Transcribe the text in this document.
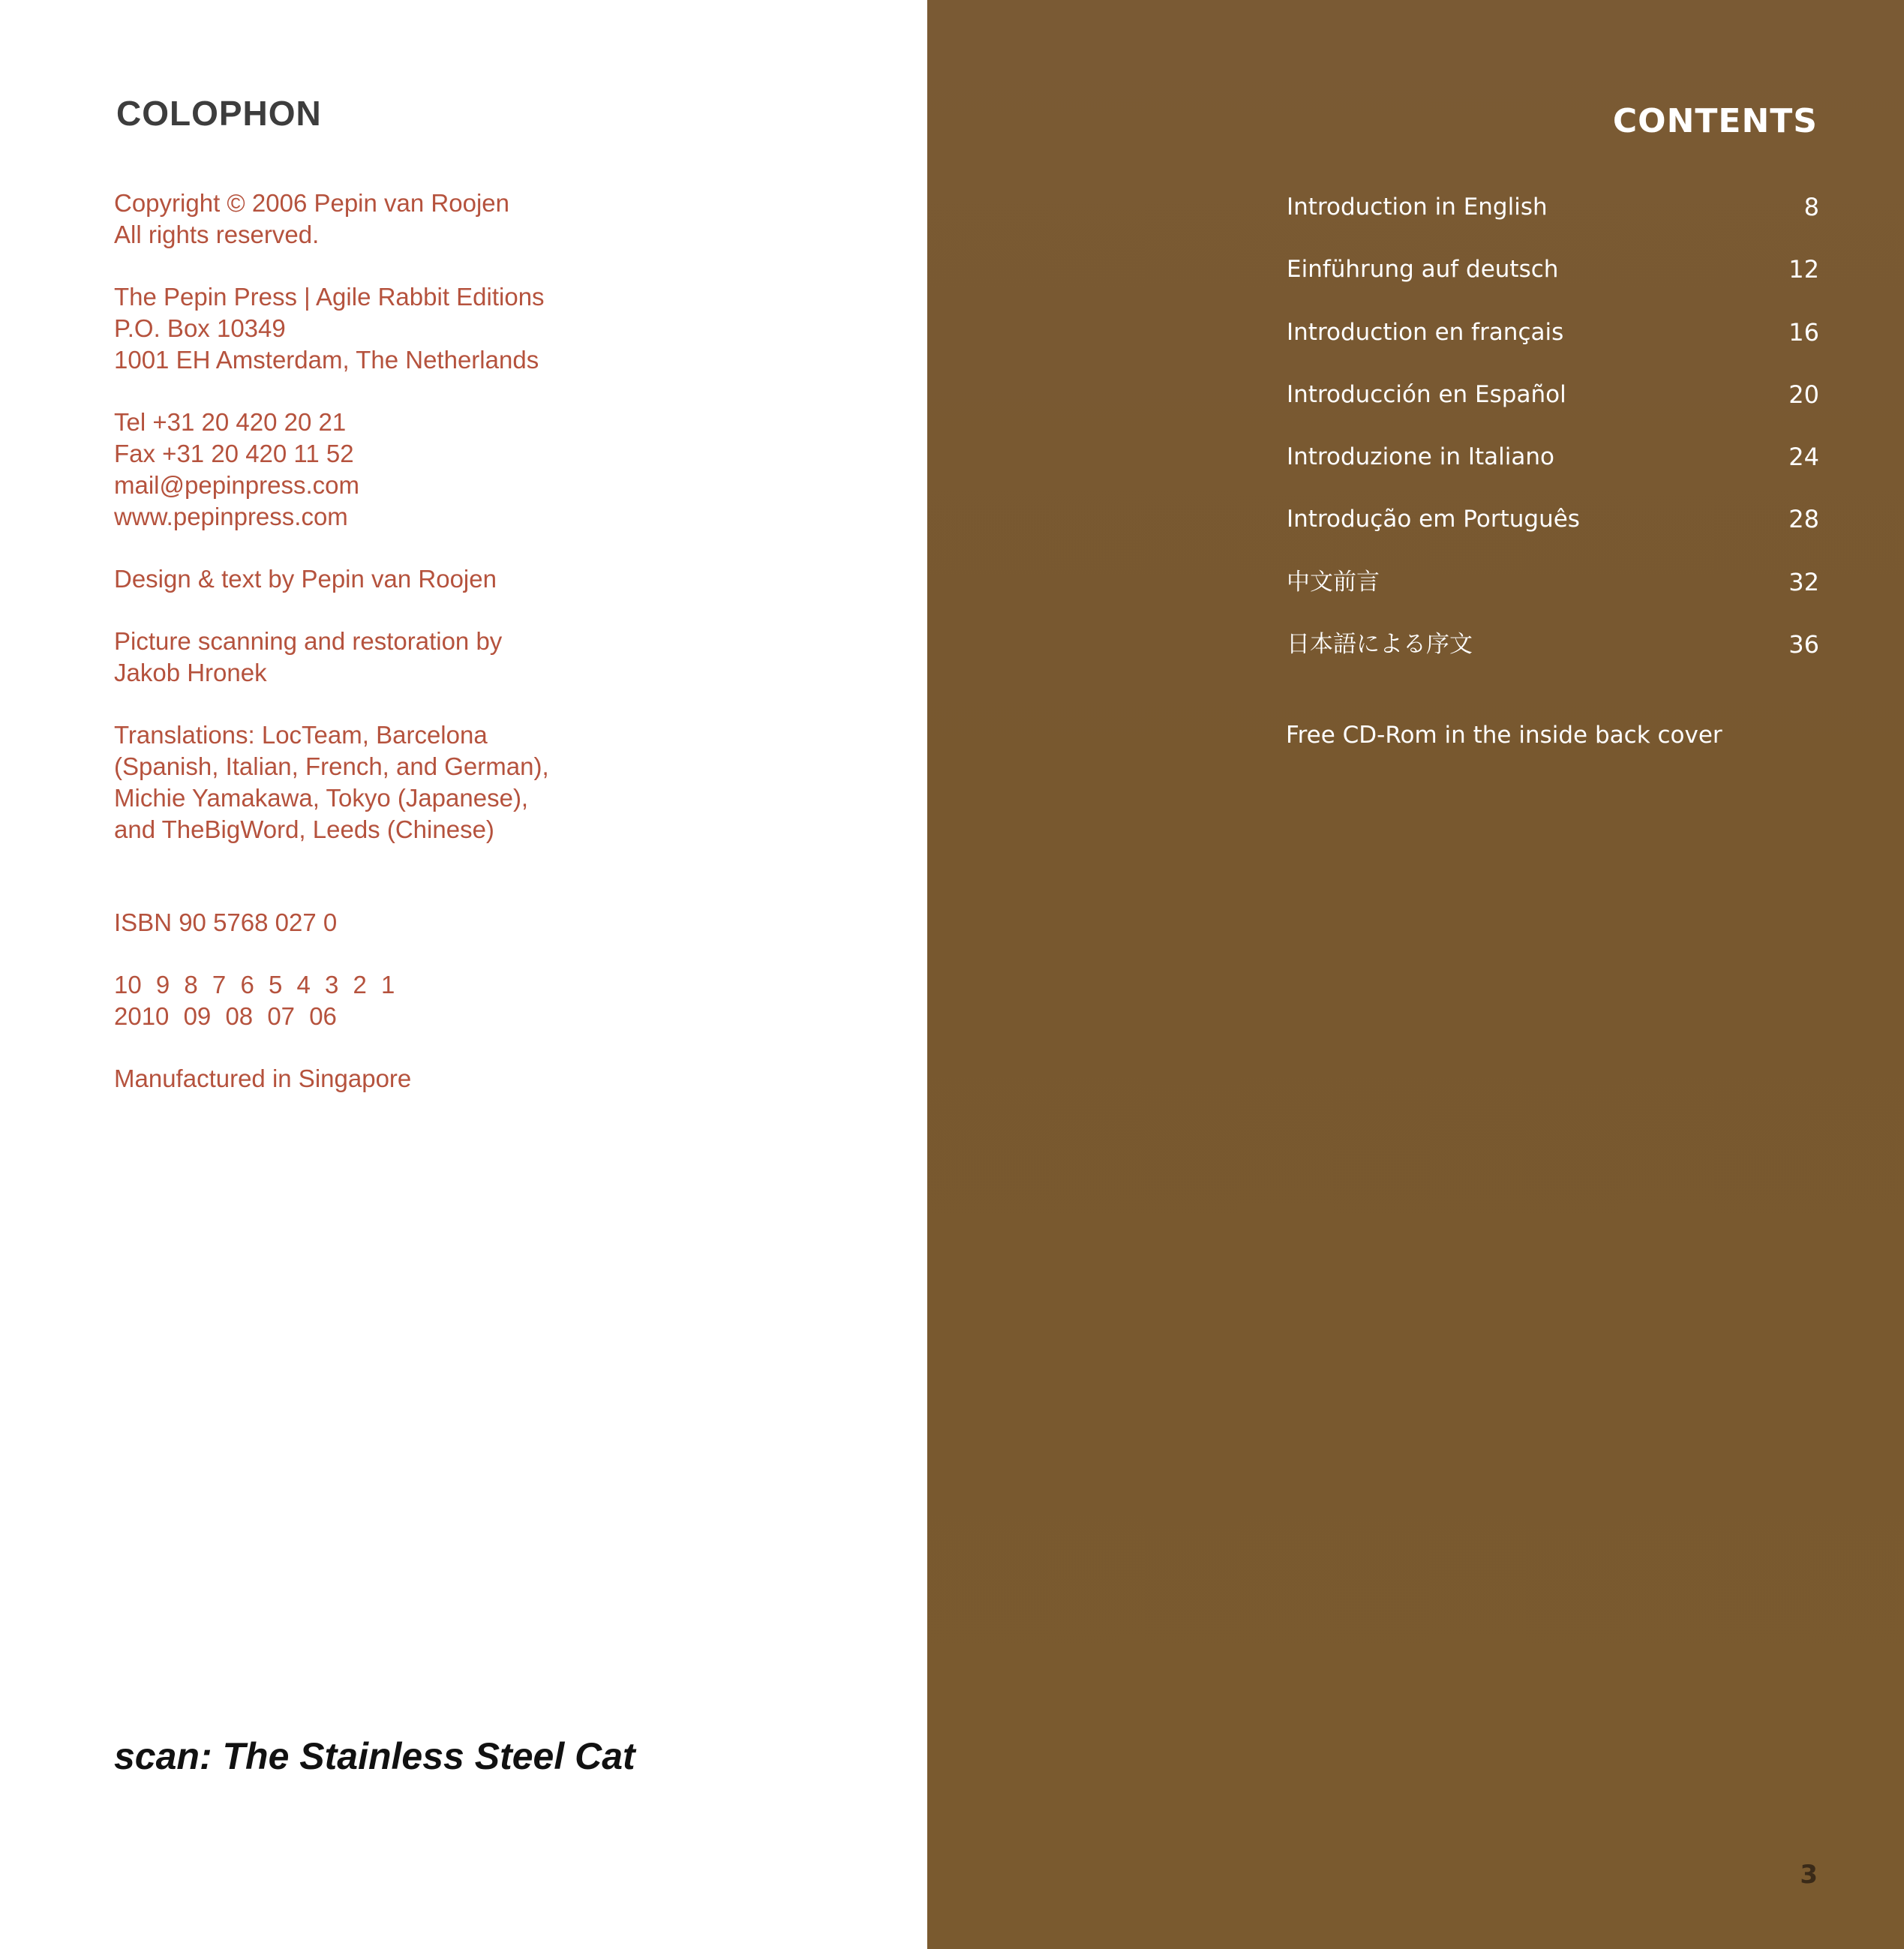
COLOPHON

Copyright © 2006 Pepin van Roojen
All rights reserved.

The Pepin Press | Agile Rabbit Editions
P.O. Box 10349
1001 EH Amsterdam, The Netherlands

Tel +31 20 420 20 21
Fax +31 20 420 11 52
mail@pepinpress.com
www.pepinpress.com

Design & text by Pepin van Roojen

Picture scanning and restoration by
Jakob Hronek

Translations: LocTeam, Barcelona
(Spanish, Italian, French, and German),
Michie Yamakawa, Tokyo (Japanese),
and TheBigWord, Leeds (Chinese)

ISBN 90 5768 027 0

10 9 8 7 6 5 4 3 2 1
2010 09 08 07 06

Manufactured in Singapore

scan: The Stainless Steel Cat
CONTENTS
Introduction in English	8
Einführung auf deutsch	12
Introduction en français	16
Introducción en Español	20
Introduzione in Italiano	24
Introdução em Português	28
中文前言	32
日本語による序文	36
Free CD-Rom in the inside back cover
3
